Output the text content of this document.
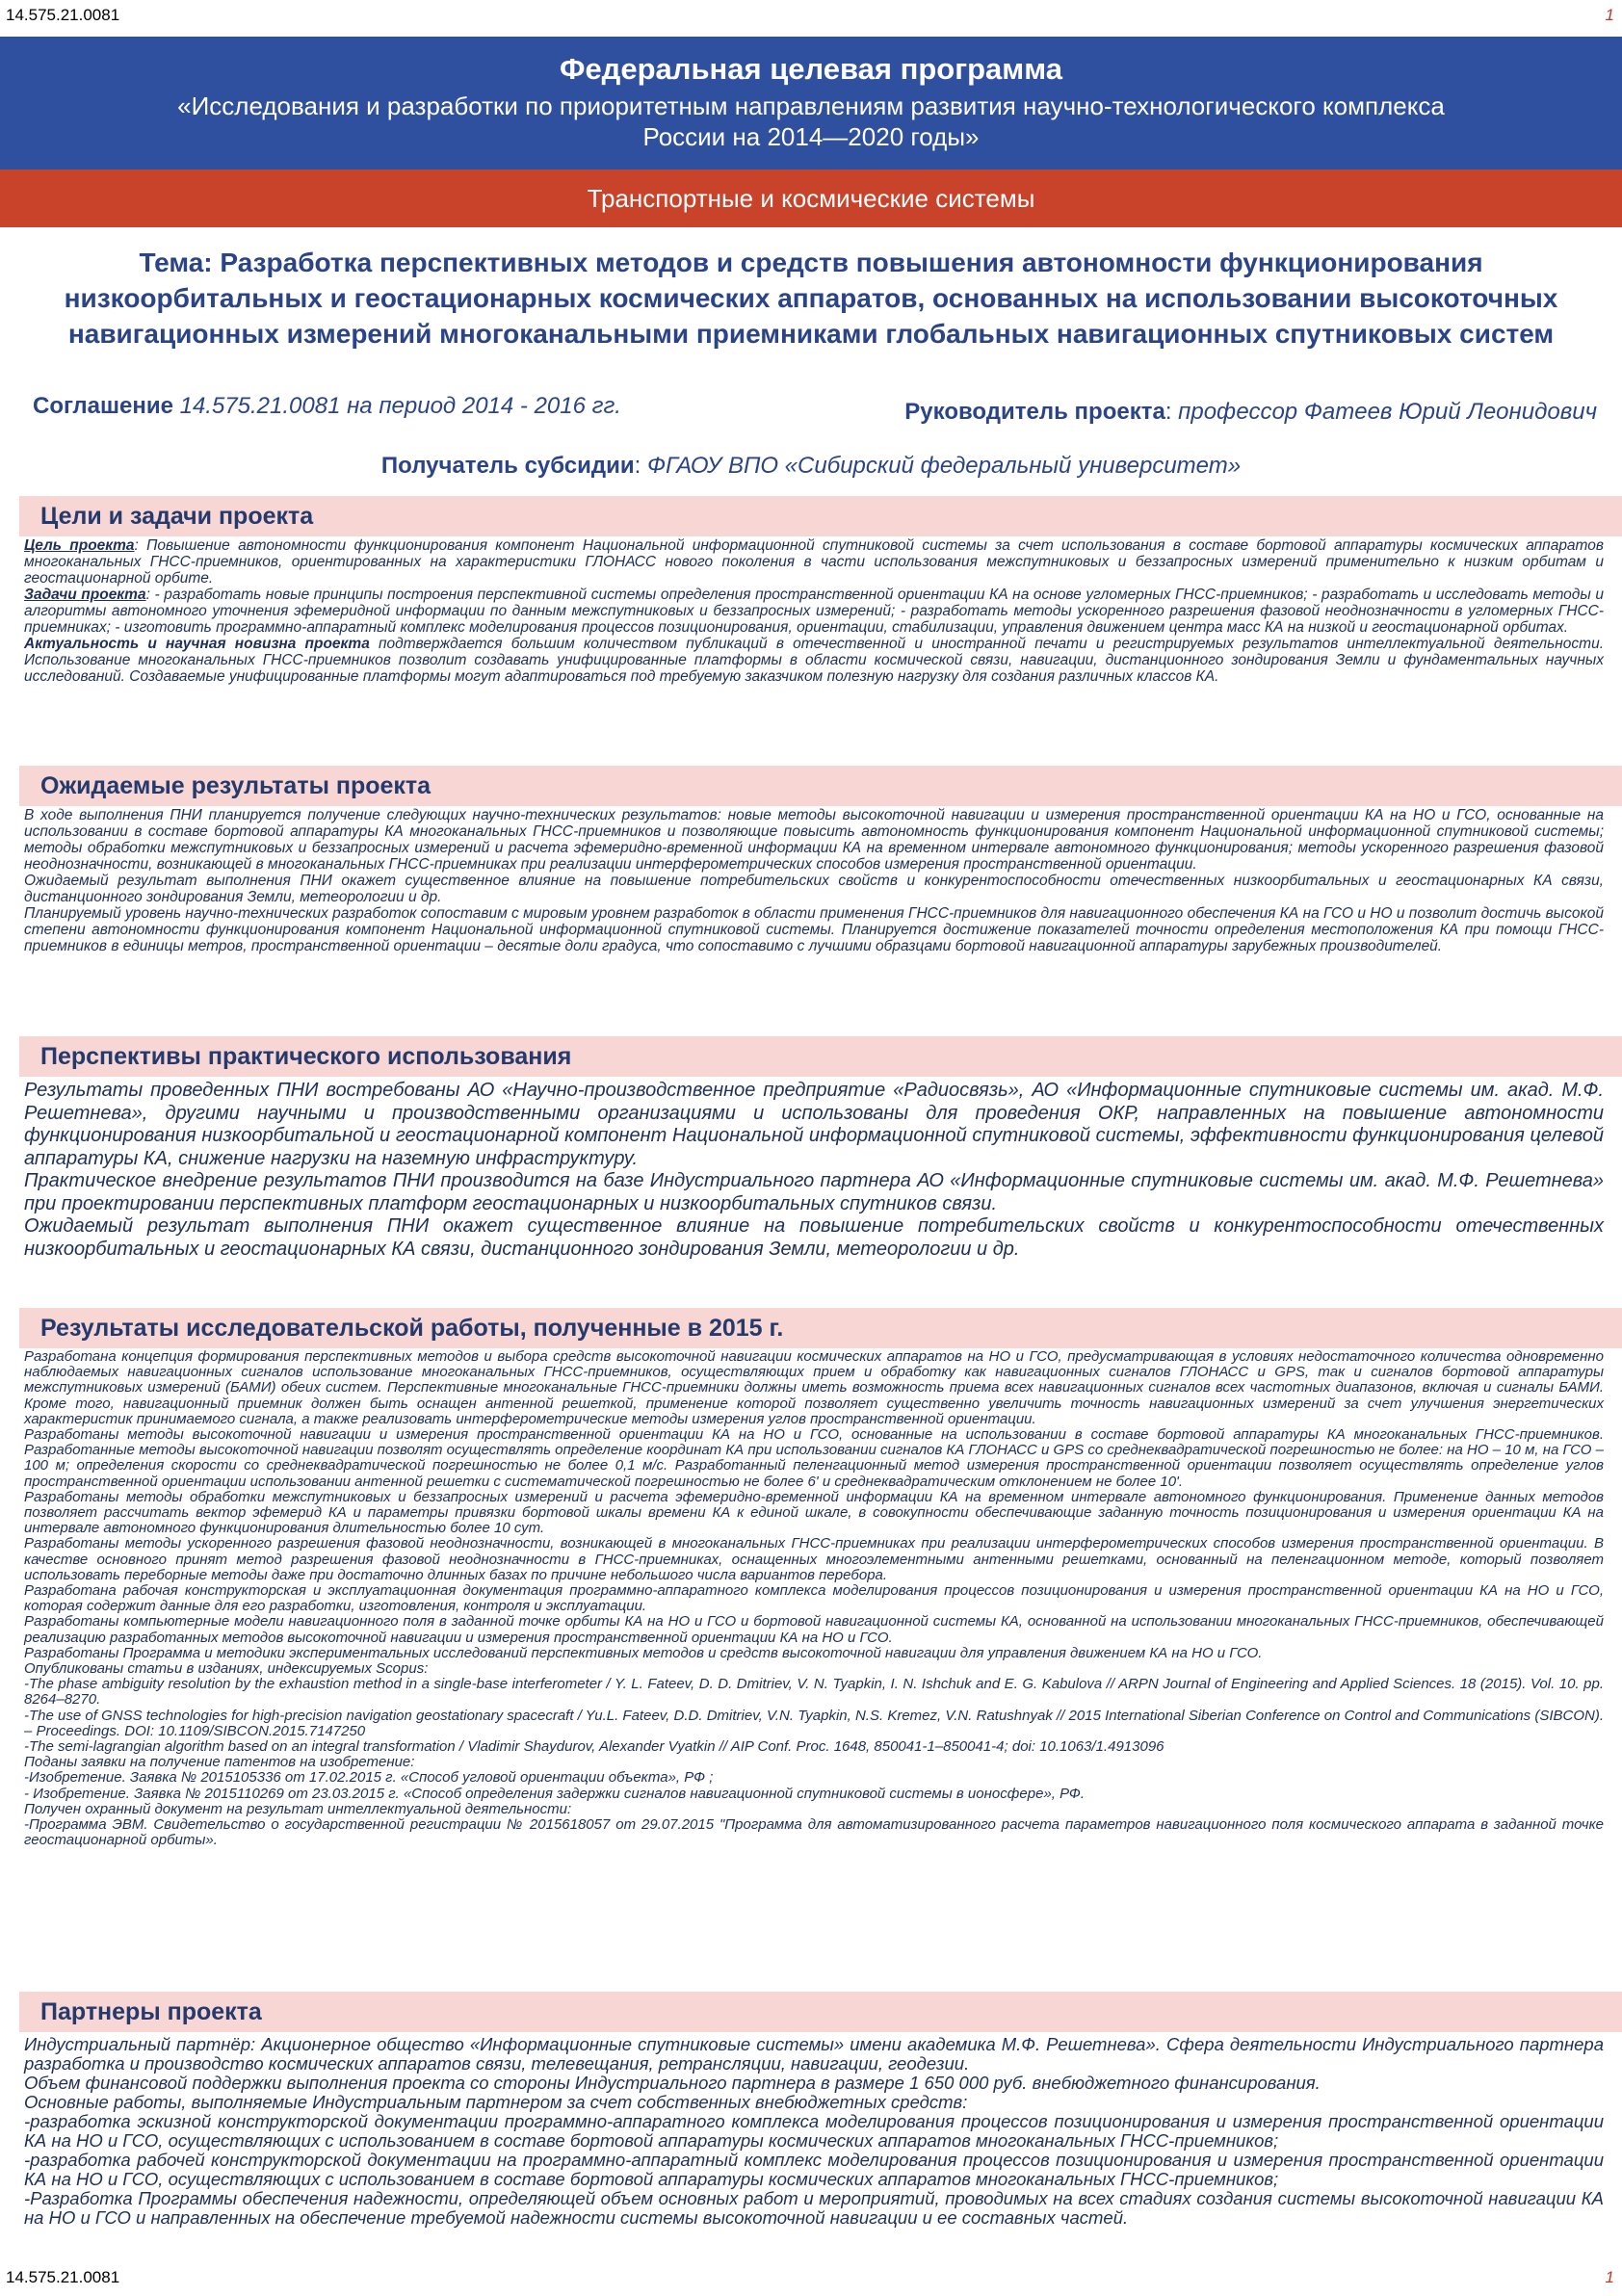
14.575.21.0081	1
Федеральная целевая программа
«Исследования и разработки по приоритетным направлениям развития научно-технологического комплекса России на 2014—2020 годы»
Транспортные и космические системы
Тема: Разработка перспективных методов и средств повышения автономности функционирования низкоорбитальных и геостационарных космических аппаратов, основанных на использовании высокоточных навигационных измерений многоканальными приемниками глобальных навигационных спутниковых систем
Соглашение 14.575.21.0081 на период 2014 - 2016 гг.	Руководитель проекта: профессор Фатеев Юрий Леонидович
Получатель субсидии: ФГАОУ ВПО «Сибирский федеральный университет»
Цели и задачи проекта

Цель проекта: Повышение автономности функционирования компонент Национальной информационной спутниковой системы за счет использования в составе бортовой аппаратуры космических аппаратов многоканальных ГНСС-приемников, ориентированных на характеристики ГЛОНАСС нового поколения в части использования межспутниковых и беззапросных измерений применительно к низким орбитам и геостационарной орбите.

Задачи проекта: - разработать новые принципы построения перспективной системы определения пространственной ориентации КА на основе угломерных ГНСС-приемников; - разработать и исследовать методы и алгоритмы автономного уточнения эфемеридной информации по данным межспутниковых и беззапросных измерений; - разработать методы ускоренного разрешения фазовой неоднозначности в угломерных ГНСС-приемниках; - изготовить программно-аппаратный комплекс моделирования процессов позиционирования, ориентации, стабилизации, управления движением центра масс КА на низкой и геостационарной орбитах.

Актуальность и научная новизна проекта подтверждается большим количеством публикаций в отечественной и иностранной печати и регистрируемых результатов интеллектуальной деятельности. Использование многоканальных ГНСС-приемников позволит создавать унифицированные платформы в области космической связи, навигации, дистанционного зондирования Земли и фундаментальных научных исследований. Создаваемые унифицированные платформы могут адаптироваться под требуемую заказчиком полезную нагрузку для создания различных классов КА.

Ожидаемые результаты проекта

В ходе выполнения ПНИ планируется получение следующих научно-технических результатов: новые методы высокоточной навигации и измерения пространственной ориентации КА на НО и ГСО, основанные на использовании в составе бортовой аппаратуры КА многоканальных ГНСС-приемников и позволяющие повысить автономность функционирования компонент Национальной информационной спутниковой системы; методы обработки межспутниковых и беззапросных измерений и расчета эфемеридно-временной информации КА на временном интервале автономного функционирования; методы ускоренного разрешения фазовой неоднозначности, возникающей в многоканальных ГНСС-приемниках при реализации интерферометрических способов измерения пространственной ориентации.

Ожидаемый результат выполнения ПНИ окажет существенное влияние на повышение потребительских свойств и конкурентоспособности отечественных низкоорбитальных и геостационарных КА связи, дистанционного зондирования Земли, метеорологии и др.

Планируемый уровень научно-технических разработок сопоставим с мировым уровнем разработок в области применения ГНСС-приемников для навигационного обеспечения КА на ГСО и НО и позволит достичь высокой степени автономности функционирования компонент Национальной информационной спутниковой системы. Планируется достижение показателей точности определения местоположения КА при помощи ГНСС-приемников в единицы метров, пространственной ориентации – десятые доли градуса, что сопоставимо с лучшими образцами бортовой навигационной аппаратуры зарубежных производителей.

Перспективы практического использования

Результаты проведенных ПНИ востребованы АО «Научно-производственное предприятие «Радиосвязь», АО «Информационные спутниковые системы им. акад. М.Ф. Решетнева», другими научными и производственными организациями и использованы для проведения ОКР, направленных на повышение автономности функционирования низкоорбитальной и геостационарной компонент Национальной информационной спутниковой системы, эффективности функционирования целевой аппаратуры КА, снижение нагрузки на наземную инфраструктуру.

Практическое внедрение результатов ПНИ производится на базе Индустриального партнера АО «Информационные спутниковые системы им. акад. М.Ф. Решетнева» при проектировании перспективных платформ геостационарных и низкоорбитальных спутников связи.

Ожидаемый результат выполнения ПНИ окажет существенное влияние на повышение потребительских свойств и конкурентоспособности отечественных низкоорбитальных и геостационарных КА связи, дистанционного зондирования Земли, метеорологии и др.

Результаты исследовательской работы, полученные в 2015 г.

Разработана концепция формирования перспективных методов и выбора средств высокоточной навигации космических аппаратов на НО и ГСО, предусматривающая в условиях недостаточного количества одновременно наблюдаемых навигационных сигналов использование многоканальных ГНСС-приемников, осуществляющих прием и обработку как навигационных сигналов ГЛОНАСС и GPS, так и сигналов бортовой аппаратуры межспутниковых измерений (БАМИ) обеих систем. Перспективные многоканальные ГНСС-приемники должны иметь возможность приема всех навигационных сигналов всех частотных диапазонов, включая и сигналы БАМИ. Кроме того, навигационный приемник должен быть оснащен антенной решеткой, применение которой позволяет существенно увеличить точность навигационных измерений за счет улучшения энергетических характеристик принимаемого сигнала, а также реализовать интерферометрические методы измерения углов пространственной ориентации.

Разработаны методы высокоточной навигации и измерения пространственной ориентации КА на НО и ГСО, основанные на использовании в составе бортовой аппаратуры КА многоканальных ГНСС-приемников. Разработанные методы высокоточной навигации позволят осуществлять определение координат КА при использовании сигналов КА ГЛОНАСС и GPS со среднеквадратической погрешностью не более: на НО – 10 м, на ГСО – 100 м; определения скорости со среднеквадратической погрешностью не более 0,1 м/с. Разработанный пеленгационный метод измерения пространственной ориентации позволяет осуществлять определение углов пространственной ориентации использовании антенной решетки с систематической погрешностью не более 6' и среднеквадратическим отклонением не более 10'.

Разработаны методы обработки межспутниковых и беззапросных измерений и расчета эфемеридно-временной информации КА на временном интервале автономного функционирования. Применение данных методов позволяет рассчитать вектор эфемерид КА и параметры привязки бортовой шкалы времени КА к единой шкале, в совокупности обеспечивающие заданную точность позиционирования и измерения ориентации КА на интервале автономного функционирования длительностью более 10 сут.

Разработаны методы ускоренного разрешения фазовой неоднозначности, возникающей в многоканальных ГНСС-приемниках при реализации интерферометрических способов измерения пространственной ориентации. В качестве основного принят метод разрешения фазовой неоднозначности в ГНСС-приемниках, оснащенных многоэлементными антенными решетками, основанный на пеленгационном методе, который позволяет использовать переборные методы даже при достаточно длинных базах по причине небольшого числа вариантов перебора.

Разработана рабочая конструкторская и эксплуатационная документация программно-аппаратного комплекса моделирования процессов позиционирования и измерения пространственной ориентации КА на НО и ГСО, которая содержит данные для его разработки, изготовления, контроля и эксплуатации.

Разработаны компьютерные модели навигационного поля в заданной точке орбиты КА на НО и ГСО и бортовой навигационной системы КА, основанной на использовании многоканальных ГНСС-приемников, обеспечивающей реализацию разработанных методов высокоточной навигации и измерения пространственной ориентации КА на НО и ГСО.

Разработаны Программа и методики экспериментальных исследований перспективных методов и средств высокоточной навигации для управления движением КА на НО и ГСО.

Опубликованы статьи в изданиях, индексируемых Scopus:

-The phase ambiguity resolution by the exhaustion method in a single-base interferometer / Y. L. Fateev, D. D. Dmitriev, V. N. Tyapkin, I. N. Ishchuk and E. G. Kabulova // ARPN Journal of Engineering and Applied Sciences. 18 (2015). Vol. 10. pp. 8264–8270.

-The use of GNSS technologies for high-precision navigation geostationary spacecraft / Yu.L. Fateev, D.D. Dmitriev, V.N. Tyapkin, N.S. Kremez, V.N. Ratushnyak // 2015 International Siberian Conference on Control and Communications (SIBCON). – Proceedings. DOI: 10.1109/SIBCON.2015.7147250

-The semi-lagrangian algorithm based on an integral transformation / Vladimir Shaydurov, Alexander Vyatkin // AIP Conf. Proc. 1648, 850041-1–850041-4; doi: 10.1063/1.4913096

Поданы заявки на получение патентов на изобретение:

-Изобретение. Заявка № 2015105336 от 17.02.2015 г. «Способ угловой ориентации объекта», РФ ;

- Изобретение. Заявка № 2015110269 от 23.03.2015 г. «Способ определения задержки сигналов навигационной спутниковой системы в ионосфере», РФ.

Получен охранный документ на результат интеллектуальной деятельности:

-Программа ЭВМ. Свидетельство о государственной регистрации № 2015618057 от 29.07.2015 "Программа для автоматизированного расчета параметров навигационного поля космического аппарата в заданной точке геостационарной орбиты».

Партнеры проекта

Индустриальный партнёр: Акционерное общество «Информационные спутниковые системы» имени академика М.Ф. Решетнева». Сфера деятельности Индустриального партнера разработка и производство космических аппаратов связи, телевещания, ретрансляции, навигации, геодезии.

Объем финансовой поддержки выполнения проекта со стороны Индустриального партнера в размере 1 650 000 руб. внебюджетного финансирования.

Основные работы, выполняемые Индустриальным партнером за счет собственных внебюджетных средств:

-разработка эскизной конструкторской документации программно-аппаратного комплекса моделирования процессов позиционирования и измерения пространственной ориентации КА на НО и ГСО, осуществляющих с использованием в составе бортовой аппаратуры космических аппаратов многоканальных ГНСС-приемников;

-разработка рабочей конструкторской документации на программно-аппаратный комплекс моделирования процессов позиционирования и измерения пространственной ориентации КА на НО и ГСО, осуществляющих с использованием в составе бортовой аппаратуры космических аппаратов многоканальных ГНСС-приемников;

-Разработка Программы обеспечения надежности, определяющей объем основных работ и мероприятий, проводимых на всех стадиях создания системы высокоточной навигации КА на НО и ГСО и направленных на обеспечение требуемой надежности системы высокоточной навигации и ее составных частей.

14.575.21.0081	1
